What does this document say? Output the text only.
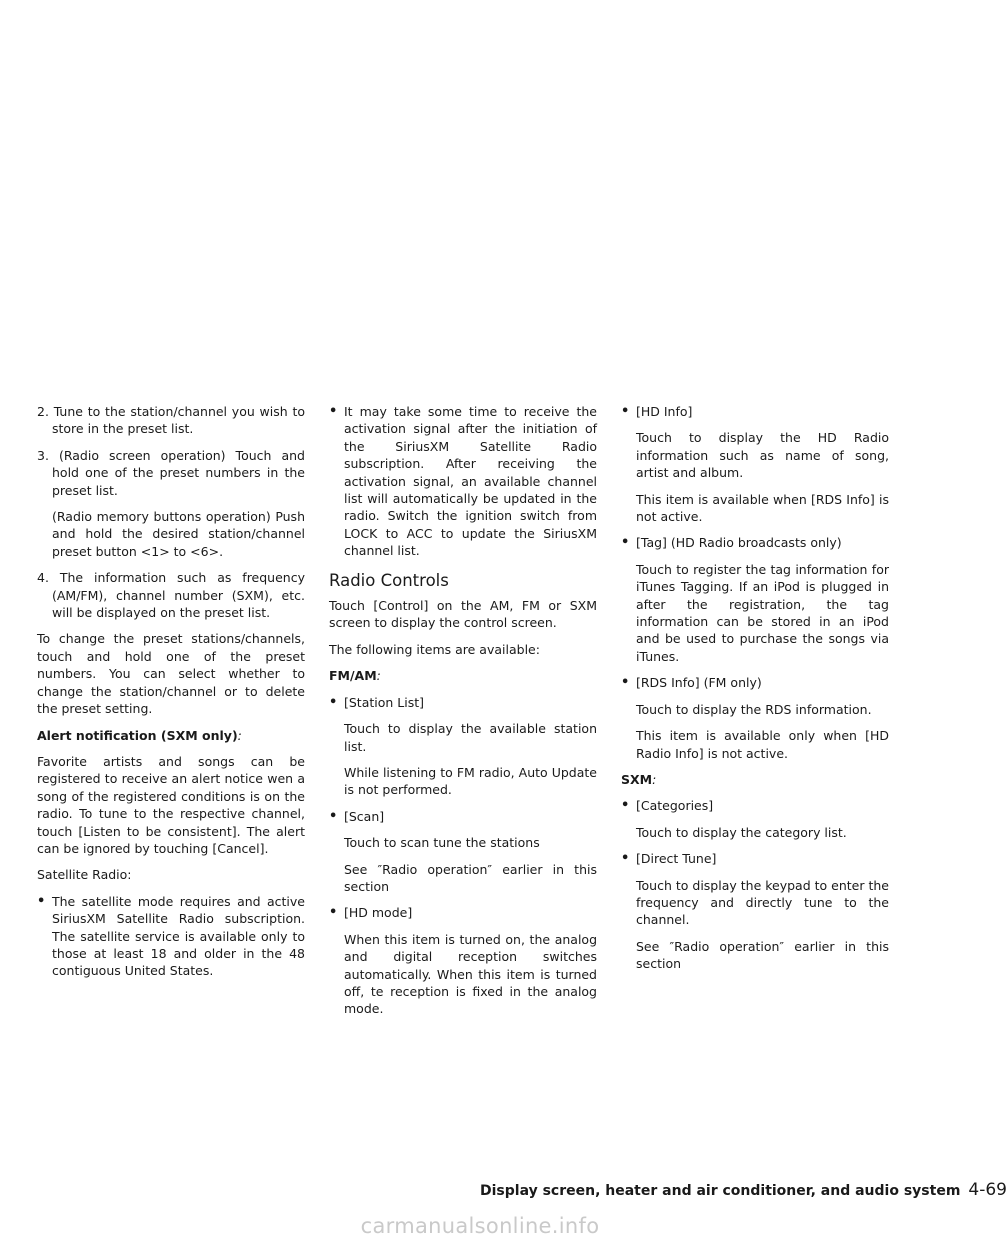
2. Tune to the station/channel you wish to store in the preset list.

3. (Radio screen operation) Touch and hold one of the preset numbers in the preset list.

(Radio memory buttons operation) Push and hold the desired station/channel preset button <1> to <6>.

4. The information such as frequency (AM/FM), channel number (SXM), etc. will be displayed on the preset list.

To change the preset stations/channels, touch and hold one of the preset numbers. You can select whether to change the station/channel or to delete the preset setting.

Alert notification (SXM only):

Favorite artists and songs can be registered to receive an alert notice wen a song of the registered conditions is on the radio. To tune to the respective channel, touch [Listen to be consistent]. The alert can be ignored by touching [Cancel].

Satellite Radio:

• The satellite mode requires and active SiriusXM Satellite Radio subscription. The satellite service is available only to those at least 18 and older in the 48 contiguous United States.

• It may take some time to receive the activation signal after the initiation of the SiriusXM Satellite Radio subscription. After receiving the activation signal, an available channel list will automatically be updated in the radio. Switch the ignition switch from LOCK to ACC to update the SiriusXM channel list.

Radio Controls

Touch [Control] on the AM, FM or SXM screen to display the control screen.

The following items are available:

FM/AM:

• [Station List]

Touch to display the available station list.

While listening to FM radio, Auto Update is not performed.

• [Scan]

Touch to scan tune the stations

See ″Radio operation″ earlier in this section

• [HD mode]

When this item is turned on, the analog and digital reception switches automatically. When this item is turned off, te reception is fixed in the analog mode.

• [HD Info]

Touch to display the HD Radio information such as name of song, artist and album.

This item is available when [RDS Info] is not active.

• [Tag] (HD Radio broadcasts only)

Touch to register the tag information for iTunes Tagging. If an iPod is plugged in after the registration, the tag information can be stored in an iPod and be used to purchase the songs via iTunes.

• [RDS Info] (FM only)

Touch to display the RDS information.

This item is available only when [HD Radio Info] is not active.

SXM:

• [Categories]

Touch to display the category list.

• [Direct Tune]

Touch to display the keypad to enter the frequency and directly tune to the channel.

See ″Radio operation″ earlier in this section

Display screen, heater and air conditioner, and audio system 4-69
carmanualsonline.info
